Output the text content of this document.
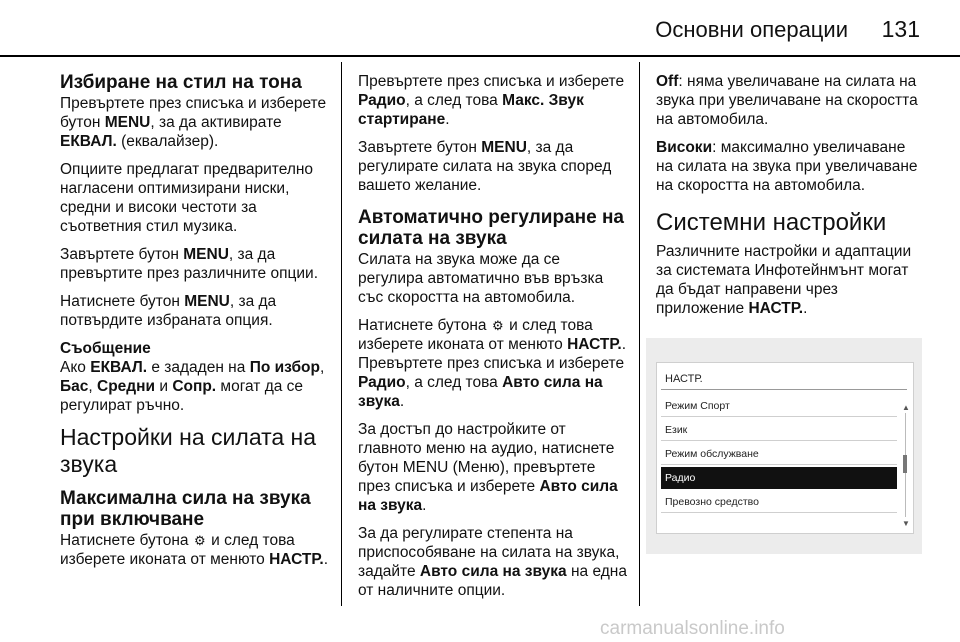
Основни операции 131
Избиране на стил на тона

Превъртете през списъка и изберете бутон MENU, за да активирате ЕКВАЛ. (еквалайзер).

Опциите предлагат предварително нагласени оптимизирани ниски, средни и високи честоти за съответния стил музика.

Завъртете бутон MENU, за да превъртите през различните опции.

Натиснете бутон MENU, за да потвърдите избраната опция.

Съобщение
Ако ЕКВАЛ. е зададен на По избор, Бас, Средни и Сопр. могат да се регулират ръчно.

Настройки на силата на звука
Максимална сила на звука при включване

Натиснете бутона ⚙ и след това изберете иконата от менюто НАСТР..

Превъртете през списъка и изберете Радио, а след това Макс. Звук стартиране.

Завъртете бутон MENU, за да регулирате силата на звука според вашето желание.

Автоматично регулиране на силата на звука

Силата на звука може да се регулира автоматично във връзка със скоростта на автомобила.

Натиснете бутона ⚙ и след това изберете иконата от менюто НАСТР.. Превъртете през списъка и изберете Радио, а след това Авто сила на звука.

За достъп до настройките от главното меню на аудио, натиснете бутон MENU (Меню), превъртете през списъка и изберете Авто сила на звука.

За да регулирате степента на приспособяване на силата на звука, задайте Авто сила на звука на една от наличните опции.

Off: няма увеличаване на силата на звука при увеличаване на скоростта на автомобила.

Високи: максимално увеличаване на силата на звука при увеличаване на скоростта на автомобила.

Системни настройки

Различните настройки и адаптации за системата Инфотейнмънт могат да бъдат направени чрез приложение НАСТР..

НАСТР.
Режим Спорт
Език
Режим обслужване
Радио
Превозно средство
▲
▼
carmanualsonline.info
